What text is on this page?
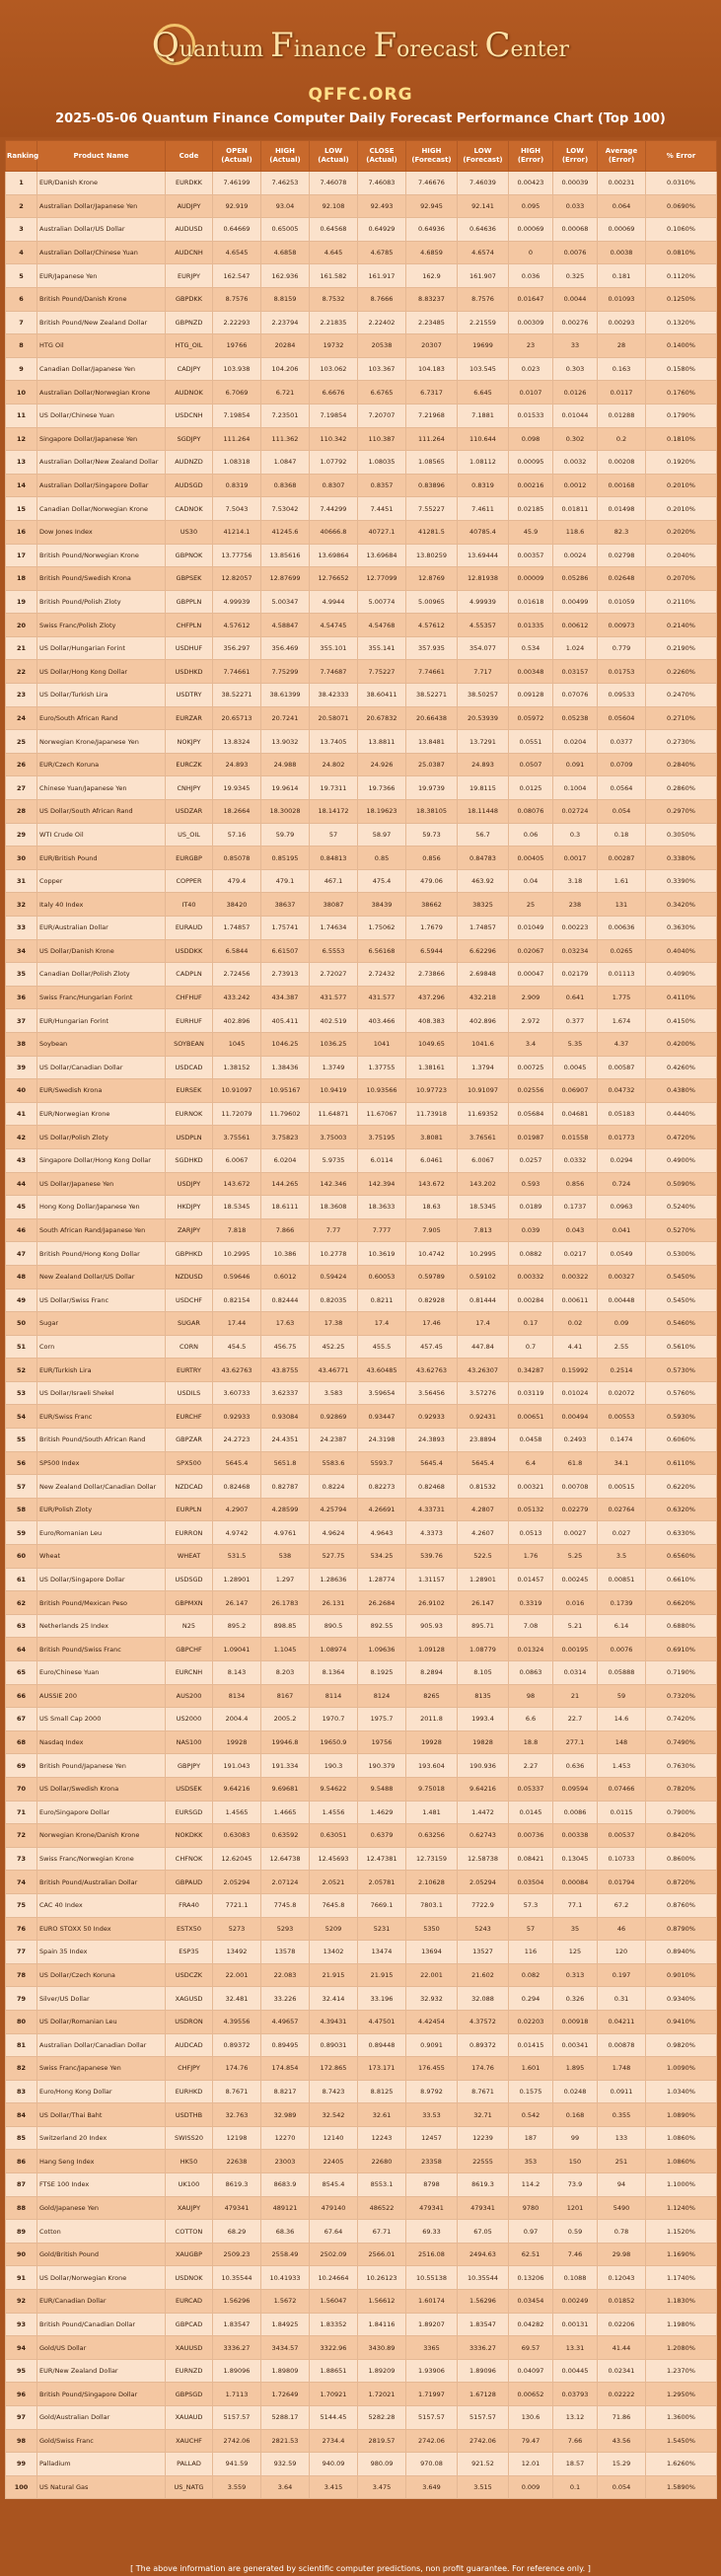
Quantum Finance Forecast Center
QFFC.ORG
2025-05-06 Quantum Finance Computer Daily Forecast Performance Chart (Top 100)
Ranking	Product Name	Code	OPEN (Actual)	HIGH (Actual)	LOW (Actual)	CLOSE (Actual)	HIGH (Forecast)	LOW (Forecast)	HIGH (Error)	LOW (Error)	Average (Error)	% Error
1	EUR/Danish Krone	EURDKK	7.46199	7.46253	7.46078	7.46083	7.46676	7.46039	0.00423	0.00039	0.00231	0.0310%
2	Australian Dollar/Japanese Yen	AUDJPY	92.919	93.04	92.108	92.493	92.945	92.141	0.095	0.033	0.064	0.0690%
3	Australian Dollar/US Dollar	AUDUSD	0.64669	0.65005	0.64568	0.64929	0.64936	0.64636	0.00069	0.00068	0.00069	0.1060%
4	Australian Dollar/Chinese Yuan	AUDCNH	4.6545	4.6858	4.645	4.6785	4.6859	4.6574	0	0.0076	0.0038	0.0810%
5	EUR/Japanese Yen	EURJPY	162.547	162.936	161.582	161.917	162.9	161.907	0.036	0.325	0.181	0.1120%
6	British Pound/Danish Krone	GBPDKK	8.7576	8.8159	8.7532	8.7666	8.83237	8.7576	0.01647	0.0044	0.01093	0.1250%
7	British Pound/New Zealand Dollar	GBPNZD	2.22293	2.23794	2.21835	2.22402	2.23485	2.21559	0.00309	0.00276	0.00293	0.1320%
8	HTG Oil	HTG_OIL	19766	20284	19732	20538	20307	19699	23	33	28	0.1400%
9	Canadian Dollar/Japanese Yen	CADJPY	103.938	104.206	103.062	103.367	104.183	103.545	0.023	0.303	0.163	0.1580%
10	Australian Dollar/Norwegian Krone	AUDNOK	6.7069	6.721	6.6676	6.6765	6.7317	6.645	0.0107	0.0126	0.0117	0.1760%
11	US Dollar/Chinese Yuan	USDCNH	7.19854	7.23501	7.19854	7.20707	7.21968	7.1881	0.01533	0.01044	0.01288	0.1790%
12	Singapore Dollar/Japanese Yen	SGDJPY	111.264	111.362	110.342	110.387	111.264	110.644	0.098	0.302	0.2	0.1810%
13	Australian Dollar/New Zealand Dollar	AUDNZD	1.08318	1.0847	1.07792	1.08035	1.08565	1.08112	0.00095	0.0032	0.00208	0.1920%
14	Australian Dollar/Singapore Dollar	AUDSGD	0.8319	0.8368	0.8307	0.8357	0.83896	0.8319	0.00216	0.0012	0.00168	0.2010%
15	Canadian Dollar/Norwegian Krone	CADNOK	7.5043	7.53042	7.44299	7.4451	7.55227	7.4611	0.02185	0.01811	0.01498	0.2010%
16	Dow Jones Index	US30	41214.1	41245.6	40666.8	40727.1	41281.5	40785.4	45.9	118.6	82.3	0.2020%
17	British Pound/Norwegian Krone	GBPNOK	13.77756	13.85616	13.69864	13.69684	13.80259	13.69444	0.00357	0.0024	0.02798	0.2040%
18	British Pound/Swedish Krona	GBPSEK	12.82057	12.87699	12.76652	12.77099	12.8769	12.81938	0.00009	0.05286	0.02648	0.2070%
19	British Pound/Polish Zloty	GBPPLN	4.99939	5.00347	4.9944	5.00774	5.00965	4.99939	0.01618	0.00499	0.01059	0.2110%
20	Swiss Franc/Polish Zloty	CHFPLN	4.57612	4.58847	4.54745	4.54768	4.57612	4.55357	0.01335	0.00612	0.00973	0.2140%
21	US Dollar/Hungarian Forint	USDHUF	356.297	356.469	355.101	355.141	357.935	354.077	0.534	1.024	0.779	0.2190%
22	US Dollar/Hong Kong Dollar	USDHKD	7.74661	7.75299	7.74687	7.75227	7.74661	7.717	0.00348	0.03157	0.01753	0.2260%
23	US Dollar/Turkish Lira	USDTRY	38.52271	38.61399	38.42333	38.60411	38.52271	38.50257	0.09128	0.07076	0.09533	0.2470%
24	Euro/South African Rand	EURZAR	20.65713	20.7241	20.58071	20.67832	20.66438	20.53939	0.05972	0.05238	0.05604	0.2710%
25	Norwegian Krone/Japanese Yen	NOKJPY	13.8324	13.9032	13.7405	13.8811	13.8481	13.7291	0.0551	0.0204	0.0377	0.2730%
26	EUR/Czech Koruna	EURCZK	24.893	24.988	24.802	24.926	25.0387	24.893	0.0507	0.091	0.0709	0.2840%
27	Chinese Yuan/Japanese Yen	CNHJPY	19.9345	19.9614	19.7311	19.7366	19.9739	19.8115	0.0125	0.1004	0.0564	0.2860%
28	US Dollar/South African Rand	USDZAR	18.2664	18.30028	18.14172	18.19623	18.38105	18.11448	0.08076	0.02724	0.054	0.2970%
29	WTI Crude Oil	US_OIL	57.16	59.79	57	58.97	59.73	56.7	0.06	0.3	0.18	0.3050%
30	EUR/British Pound	EURGBP	0.85078	0.85195	0.84813	0.85	0.856	0.84783	0.00405	0.0017	0.00287	0.3380%
31	Copper	COPPER	479.4	479.1	467.1	475.4	479.06	463.92	0.04	3.18	1.61	0.3390%
32	Italy 40 Index	IT40	38420	38637	38087	38439	38662	38325	25	238	131	0.3420%
33	EUR/Australian Dollar	EURAUD	1.74857	1.75741	1.74634	1.75062	1.7679	1.74857	0.01049	0.00223	0.00636	0.3630%
34	US Dollar/Danish Krone	USDDKK	6.5844	6.61507	6.5553	6.56168	6.5944	6.62296	0.02067	0.03234	0.0265	0.4040%
35	Canadian Dollar/Polish Zloty	CADPLN	2.72456	2.73913	2.72027	2.72432	2.73866	2.69848	0.00047	0.02179	0.01113	0.4090%
36	Swiss Franc/Hungarian Forint	CHFHUF	433.242	434.387	431.577	431.577	437.296	432.218	2.909	0.641	1.775	0.4110%
37	EUR/Hungarian Forint	EURHUF	402.896	405.411	402.519	403.466	408.383	402.896	2.972	0.377	1.674	0.4150%
38	Soybean	SOYBEAN	1045	1046.25	1036.25	1041	1049.65	1041.6	3.4	5.35	4.37	0.4200%
39	US Dollar/Canadian Dollar	USDCAD	1.38152	1.38436	1.3749	1.37755	1.38161	1.3794	0.00725	0.0045	0.00587	0.4260%
40	EUR/Swedish Krona	EURSEK	10.91097	10.95167	10.9419	10.93566	10.97723	10.91097	0.02556	0.06907	0.04732	0.4380%
41	EUR/Norwegian Krone	EURNOK	11.72079	11.79602	11.64871	11.67067	11.73918	11.69352	0.05684	0.04681	0.05183	0.4440%
42	US Dollar/Polish Zloty	USDPLN	3.75561	3.75823	3.75003	3.75195	3.8081	3.76561	0.01987	0.01558	0.01773	0.4720%
43	Singapore Dollar/Hong Kong Dollar	SGDHKD	6.0067	6.0204	5.9735	6.0114	6.0461	6.0067	0.0257	0.0332	0.0294	0.4900%
44	US Dollar/Japanese Yen	USDJPY	143.672	144.265	142.346	142.394	143.672	143.202	0.593	0.856	0.724	0.5090%
45	Hong Kong Dollar/Japanese Yen	HKDJPY	18.5345	18.6111	18.3608	18.3633	18.63	18.5345	0.0189	0.1737	0.0963	0.5240%
46	South African Rand/Japanese Yen	ZARJPY	7.818	7.866	7.77	7.777	7.905	7.813	0.039	0.043	0.041	0.5270%
47	British Pound/Hong Kong Dollar	GBPHKD	10.2995	10.386	10.2778	10.3619	10.4742	10.2995	0.0882	0.0217	0.0549	0.5300%
48	New Zealand Dollar/US Dollar	NZDUSD	0.59646	0.6012	0.59424	0.60053	0.59789	0.59102	0.00332	0.00322	0.00327	0.5450%
49	US Dollar/Swiss Franc	USDCHF	0.82154	0.82444	0.82035	0.8211	0.82928	0.81444	0.00284	0.00611	0.00448	0.5450%
50	Sugar	SUGAR	17.44	17.63	17.38	17.4	17.46	17.4	0.17	0.02	0.09	0.5460%
51	Corn	CORN	454.5	456.75	452.25	455.5	457.45	447.84	0.7	4.41	2.55	0.5610%
52	EUR/Turkish Lira	EURTRY	43.62763	43.8755	43.46771	43.60485	43.62763	43.26307	0.34287	0.15992	0.2514	0.5730%
53	US Dollar/Israeli Shekel	USDILS	3.60733	3.62337	3.583	3.59654	3.56456	3.57276	0.03119	0.01024	0.02072	0.5760%
54	EUR/Swiss Franc	EURCHF	0.92933	0.93084	0.92869	0.93447	0.92933	0.92431	0.00651	0.00494	0.00553	0.5930%
55	British Pound/South African Rand	GBPZAR	24.2723	24.4351	24.2387	24.3198	24.3893	23.8894	0.0458	0.2493	0.1474	0.6060%
56	SP500 Index	SPX500	5645.4	5651.8	5583.6	5593.7	5645.4	5645.4	6.4	61.8	34.1	0.6110%
57	New Zealand Dollar/Canadian Dollar	NZDCAD	0.82468	0.82787	0.8224	0.82273	0.82468	0.81532	0.00321	0.00708	0.00515	0.6220%
58	EUR/Polish Zloty	EURPLN	4.2907	4.28599	4.25794	4.26691	4.33731	4.2807	0.05132	0.02279	0.02764	0.6320%
59	Euro/Romanian Leu	EURRON	4.9742	4.9761	4.9624	4.9643	4.3373	4.2607	0.0513	0.0027	0.027	0.6330%
60	Wheat	WHEAT	531.5	538	527.75	534.25	539.76	522.5	1.76	5.25	3.5	0.6560%
61	US Dollar/Singapore Dollar	USDSGD	1.28901	1.297	1.28636	1.28774	1.31157	1.28901	0.01457	0.00245	0.00851	0.6610%
62	British Pound/Mexican Peso	GBPMXN	26.147	26.1783	26.131	26.2684	26.9102	26.147	0.3319	0.016	0.1739	0.6620%
63	Netherlands 25 Index	N25	895.2	898.85	890.5	892.55	905.93	895.71	7.08	5.21	6.14	0.6880%
64	British Pound/Swiss Franc	GBPCHF	1.09041	1.1045	1.08974	1.09636	1.09128	1.08779	0.01324	0.00195	0.0076	0.6910%
65	Euro/Chinese Yuan	EURCNH	8.143	8.203	8.1364	8.1925	8.2894	8.105	0.0863	0.0314	0.05888	0.7190%
66	AUSSIE 200	AUS200	8134	8167	8114	8124	8265	8135	98	21	59	0.7320%
67	US Small Cap 2000	US2000	2004.4	2005.2	1970.7	1975.7	2011.8	1993.4	6.6	22.7	14.6	0.7420%
68	Nasdaq Index	NAS100	19928	19946.8	19650.9	19756	19928	19828	18.8	277.1	148	0.7490%
69	British Pound/Japanese Yen	GBPJPY	191.043	191.334	190.3	190.379	193.604	190.936	2.27	0.636	1.453	0.7630%
70	US Dollar/Swedish Krona	USDSEK	9.64216	9.69681	9.54622	9.5488	9.75018	9.64216	0.05337	0.09594	0.07466	0.7820%
71	Euro/Singapore Dollar	EURSGD	1.4565	1.4665	1.4556	1.4629	1.481	1.4472	0.0145	0.0086	0.0115	0.7900%
72	Norwegian Krone/Danish Krone	NOKDKK	0.63083	0.63592	0.63051	0.6379	0.63256	0.62743	0.00736	0.00338	0.00537	0.8420%
73	Swiss Franc/Norwegian Krone	CHFNOK	12.62045	12.64738	12.45693	12.47381	12.73159	12.58738	0.08421	0.13045	0.10733	0.8600%
74	British Pound/Australian Dollar	GBPAUD	2.05294	2.07124	2.0521	2.05781	2.10628	2.05294	0.03504	0.00084	0.01794	0.8720%
75	CAC 40 Index	FRA40	7721.1	7745.8	7645.8	7669.1	7803.1	7722.9	57.3	77.1	67.2	0.8760%
76	EURO STOXX 50 Index	ESTX50	5273	5293	5209	5231	5350	5243	57	35	46	0.8790%
77	Spain 35 Index	ESP35	13492	13578	13402	13474	13694	13527	116	125	120	0.8940%
78	US Dollar/Czech Koruna	USDCZK	22.001	22.083	21.915	21.915	22.001	21.602	0.082	0.313	0.197	0.9010%
79	Silver/US Dollar	XAGUSD	32.481	33.226	32.414	33.196	32.932	32.088	0.294	0.326	0.31	0.9340%
80	US Dollar/Romanian Leu	USDRON	4.39556	4.49657	4.39431	4.47501	4.42454	4.37572	0.02203	0.00918	0.04211	0.9410%
81	Australian Dollar/Canadian Dollar	AUDCAD	0.89372	0.89495	0.89031	0.89448	0.9091	0.89372	0.01415	0.00341	0.00878	0.9820%
82	Swiss Franc/Japanese Yen	CHFJPY	174.76	174.854	172.865	173.171	176.455	174.76	1.601	1.895	1.748	1.0090%
83	Euro/Hong Kong Dollar	EURHKD	8.7671	8.8217	8.7423	8.8125	8.9792	8.7671	0.1575	0.0248	0.0911	1.0340%
84	US Dollar/Thai Baht	USDTHB	32.763	32.989	32.542	32.61	33.53	32.71	0.542	0.168	0.355	1.0890%
85	Switzerland 20 Index	SWISS20	12198	12270	12140	12243	12457	12239	187	99	133	1.0860%
86	Hang Seng Index	HK50	22638	23003	22405	22680	23358	22555	353	150	251	1.0860%
87	FTSE 100 Index	UK100	8619.3	8683.9	8545.4	8553.1	8798	8619.3	114.2	73.9	94	1.1000%
88	Gold/Japanese Yen	XAUJPY	479341	489121	479140	486522	479341	479341	9780	1201	5490	1.1240%
89	Cotton	COTTON	68.29	68.36	67.64	67.71	69.33	67.05	0.97	0.59	0.78	1.1520%
90	Gold/British Pound	XAUGBP	2509.23	2558.49	2502.09	2566.01	2516.08	2494.63	62.51	7.46	29.98	1.1690%
91	US Dollar/Norwegian Krone	USDNOK	10.35544	10.41933	10.24664	10.26123	10.55138	10.35544	0.13206	0.1088	0.12043	1.1740%
92	EUR/Canadian Dollar	EURCAD	1.56296	1.5672	1.56047	1.56612	1.60174	1.56296	0.03454	0.00249	0.01852	1.1830%
93	British Pound/Canadian Dollar	GBPCAD	1.83547	1.84925	1.83352	1.84116	1.89207	1.83547	0.04282	0.00131	0.02206	1.1980%
94	Gold/US Dollar	XAUUSD	3336.27	3434.57	3322.96	3430.89	3365	3336.27	69.57	13.31	41.44	1.2080%
95	EUR/New Zealand Dollar	EURNZD	1.89096	1.89809	1.88651	1.89209	1.93906	1.89096	0.04097	0.00445	0.02341	1.2370%
96	British Pound/Singapore Dollar	GBPSGD	1.7113	1.72649	1.70921	1.72021	1.71997	1.67128	0.00652	0.03793	0.02222	1.2950%
97	Gold/Australian Dollar	XAUAUD	5157.57	5288.17	5144.45	5282.28	5157.57	5157.57	130.6	13.12	71.86	1.3600%
98	Gold/Swiss Franc	XAUCHF	2742.06	2821.53	2734.4	2819.57	2742.06	2742.06	79.47	7.66	43.56	1.5450%
99	Palladium	PALLAD	941.59	932.59	940.09	980.09	970.08	921.52	12.01	18.57	15.29	1.6260%
100	US Natural Gas	US_NATG	3.559	3.64	3.415	3.475	3.649	3.515	0.009	0.1	0.054	1.5890%
[ The above information are generated by scientific computer predictions, non profit guarantee. For reference only. ]
